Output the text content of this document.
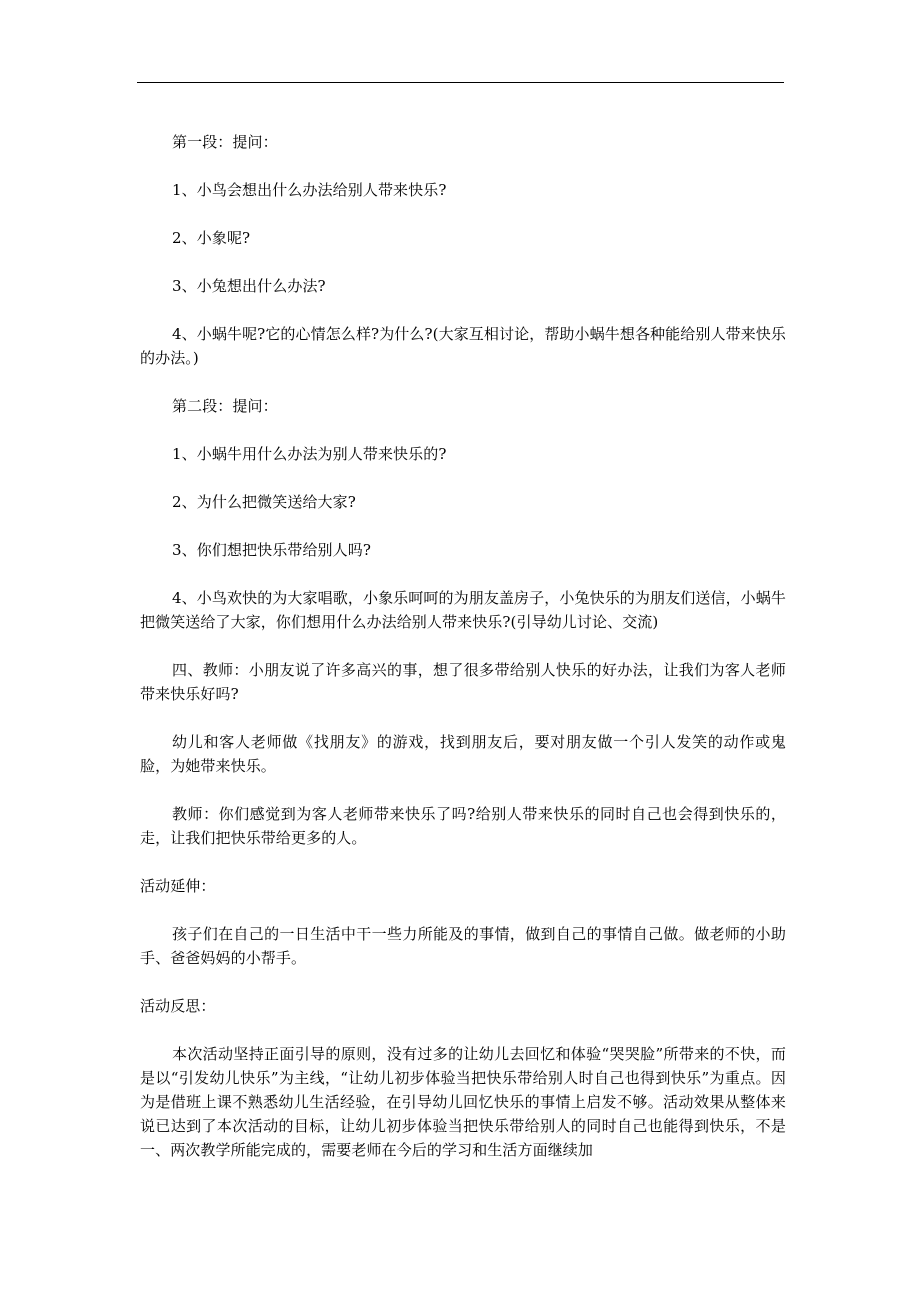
第一段：提问：

1、小鸟会想出什么办法给别人带来快乐?

2、小象呢?

3、小兔想出什么办法?

4、小蜗牛呢?它的心情怎么样?为什么?(大家互相讨论，帮助小蜗牛想各种能给别人带来快乐的办法。)

第二段：提问：

1、小蜗牛用什么办法为别人带来快乐的?

2、为什么把微笑送给大家?

3、你们想把快乐带给别人吗?

4、小鸟欢快的为大家唱歌，小象乐呵呵的为朋友盖房子，小兔快乐的为朋友们送信，小蜗牛把微笑送给了大家，你们想用什么办法给别人带来快乐?(引导幼儿讨论、交流)

四、教师：小朋友说了许多高兴的事，想了很多带给别人快乐的好办法，让我们为客人老师带来快乐好吗?

幼儿和客人老师做《找朋友》的游戏，找到朋友后，要对朋友做一个引人发笑的动作或鬼脸，为她带来快乐。

教师：你们感觉到为客人老师带来快乐了吗?给别人带来快乐的同时自己也会得到快乐的，走，让我们把快乐带给更多的人。

活动延伸：

孩子们在自己的一日生活中干一些力所能及的事情，做到自己的事情自己做。做老师的小助手、爸爸妈妈的小帮手。

活动反思：

本次活动坚持正面引导的原则，没有过多的让幼儿去回忆和体验“哭哭脸”所带来的不快，而是以“引发幼儿快乐”为主线，“让幼儿初步体验当把快乐带给别人时自己也得到快乐”为重点。因为是借班上课不熟悉幼儿生活经验，在引导幼儿回忆快乐的事情上启发不够。活动效果从整体来说已达到了本次活动的目标，让幼儿初步体验当把快乐带给别人的同时自己也能得到快乐，不是一、两次教学所能完成的，需要老师在今后的学习和生活方面继续加
